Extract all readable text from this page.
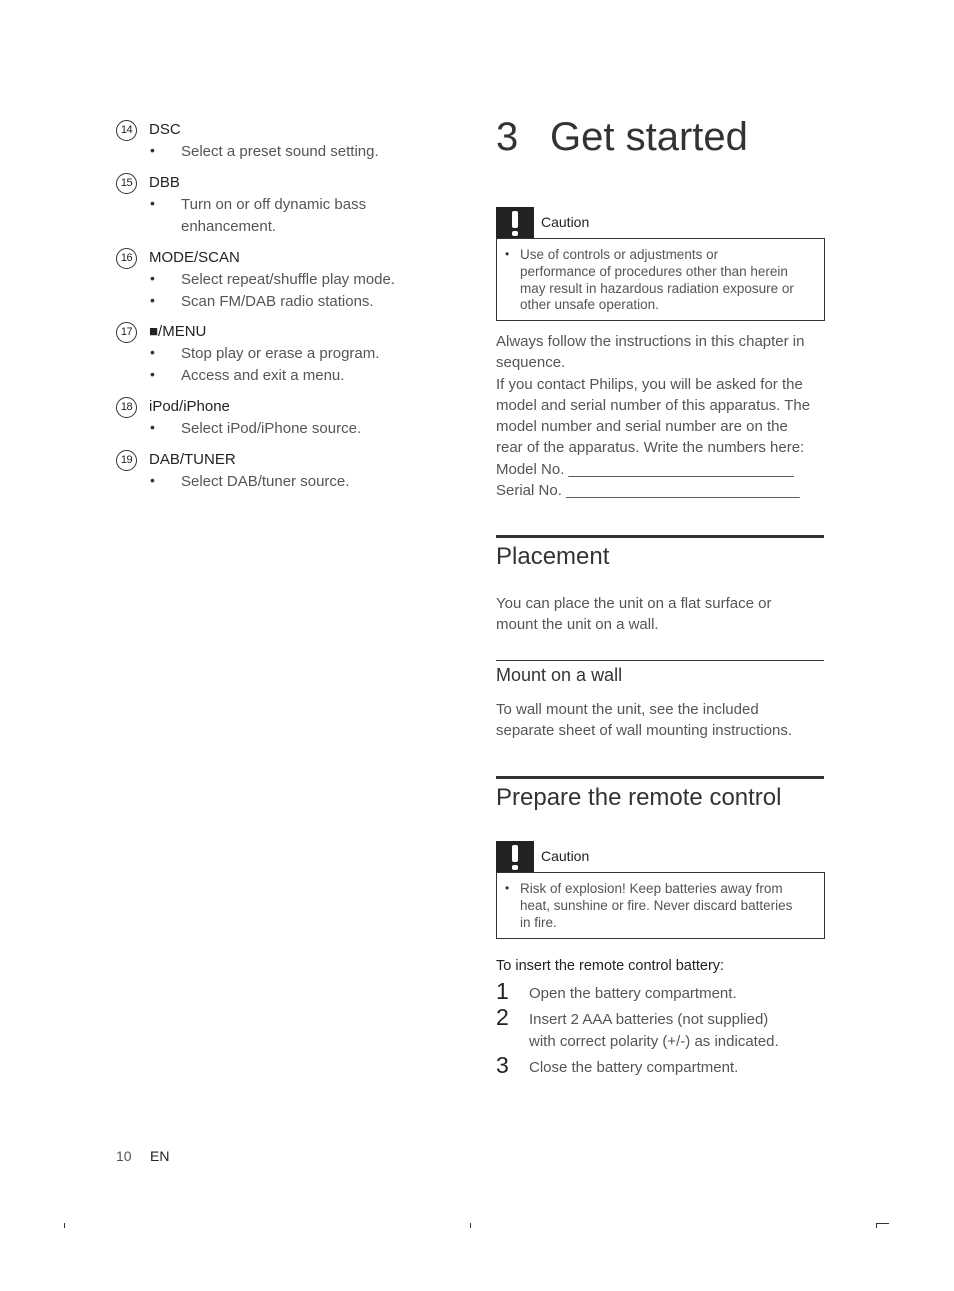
14	DSC
• Select a preset sound setting.
15	DBB
• Turn on or off dynamic bass
enhancement.
16	MODE/SCAN
• Select repeat/shuffle play mode.
• Scan FM/DAB radio stations.
17	■/MENU
• Stop play or erase a program.
• Access and exit a menu.
18	iPod/iPhone
• Select iPod/iPhone source.
19	DAB/TUNER
• Select DAB/tuner source.
3 Get started
Caution
• Use of controls or adjustments or
performance of procedures other than herein
may result in hazardous radiation exposure or
other unsafe operation.
Always follow the instructions in this chapter in
sequence.
If you contact Philips, you will be asked for the
model and serial number of this apparatus. The
model number and serial number are on the
rear of the apparatus. Write the numbers here:
Model No. ___________________________
Serial No. ____________________________
Placement
You can place the unit on a flat surface or
mount the unit on a wall.
Mount on a wall
To wall mount the unit, see the included
separate sheet of wall mounting instructions.
Prepare the remote control
Caution
• Risk of explosion! Keep batteries away from
heat, sunshine or fire. Never discard batteries
in fire.
To insert the remote control battery:
1 Open the battery compartment.
2 Insert 2 AAA batteries (not supplied)
with correct polarity (+/-) as indicated.
3 Close the battery compartment.
10 EN
